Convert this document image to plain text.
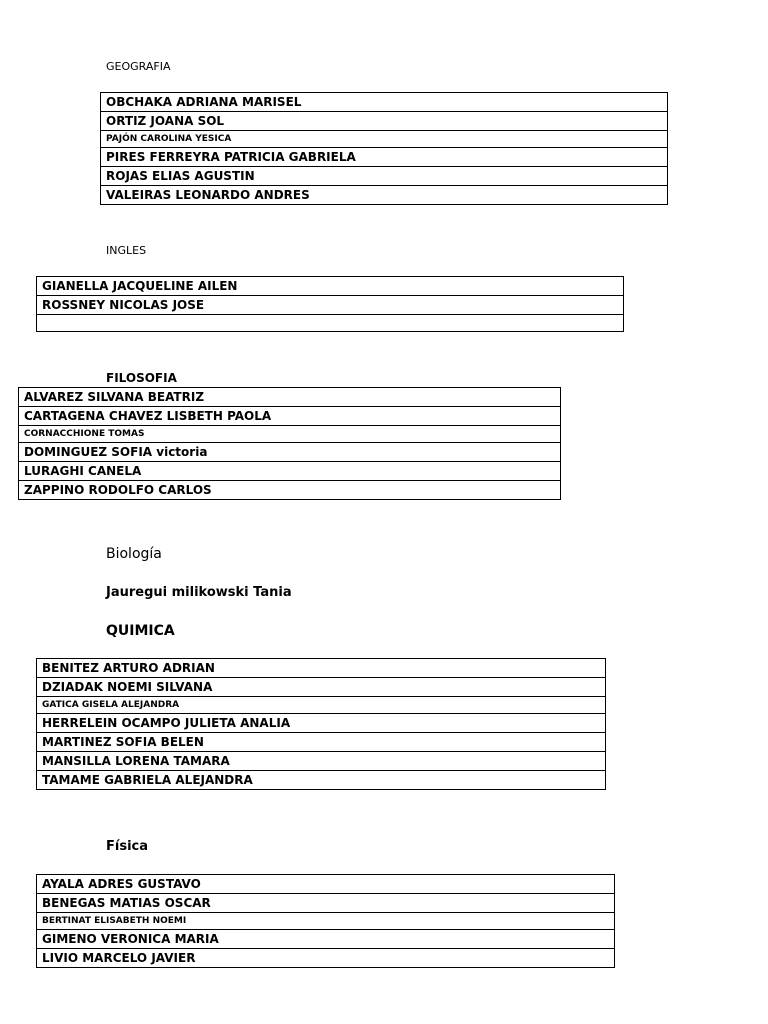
GEOGRAFIA
OBCHAKA ADRIANA MARISEL
ORTIZ JOANA SOL
PAJÓN CAROLINA YESICA
PIRES FERREYRA PATRICIA GABRIELA
ROJAS ELIAS AGUSTIN
VALEIRAS LEONARDO ANDRES
INGLES
GIANELLA JACQUELINE AILEN
ROSSNEY NICOLAS JOSE

FILOSOFIA
ALVAREZ SILVANA BEATRIZ
CARTAGENA CHAVEZ LISBETH PAOLA
CORNACCHIONE TOMAS
DOMINGUEZ SOFIA victoria
LURAGHI CANELA
ZAPPINO RODOLFO CARLOS
Biología
Jauregui milikowski Tania
QUIMICA
BENITEZ ARTURO ADRIAN
DZIADAK NOEMI SILVANA
GATICA GISELA ALEJANDRA
HERRELEIN OCAMPO JULIETA ANALIA
MARTINEZ SOFIA BELEN
MANSILLA LORENA TAMARA
TAMAME GABRIELA ALEJANDRA
Física
AYALA ADRES GUSTAVO
BENEGAS MATIAS OSCAR
BERTINAT ELISABETH NOEMI
GIMENO VERONICA MARIA
LIVIO MARCELO JAVIER
